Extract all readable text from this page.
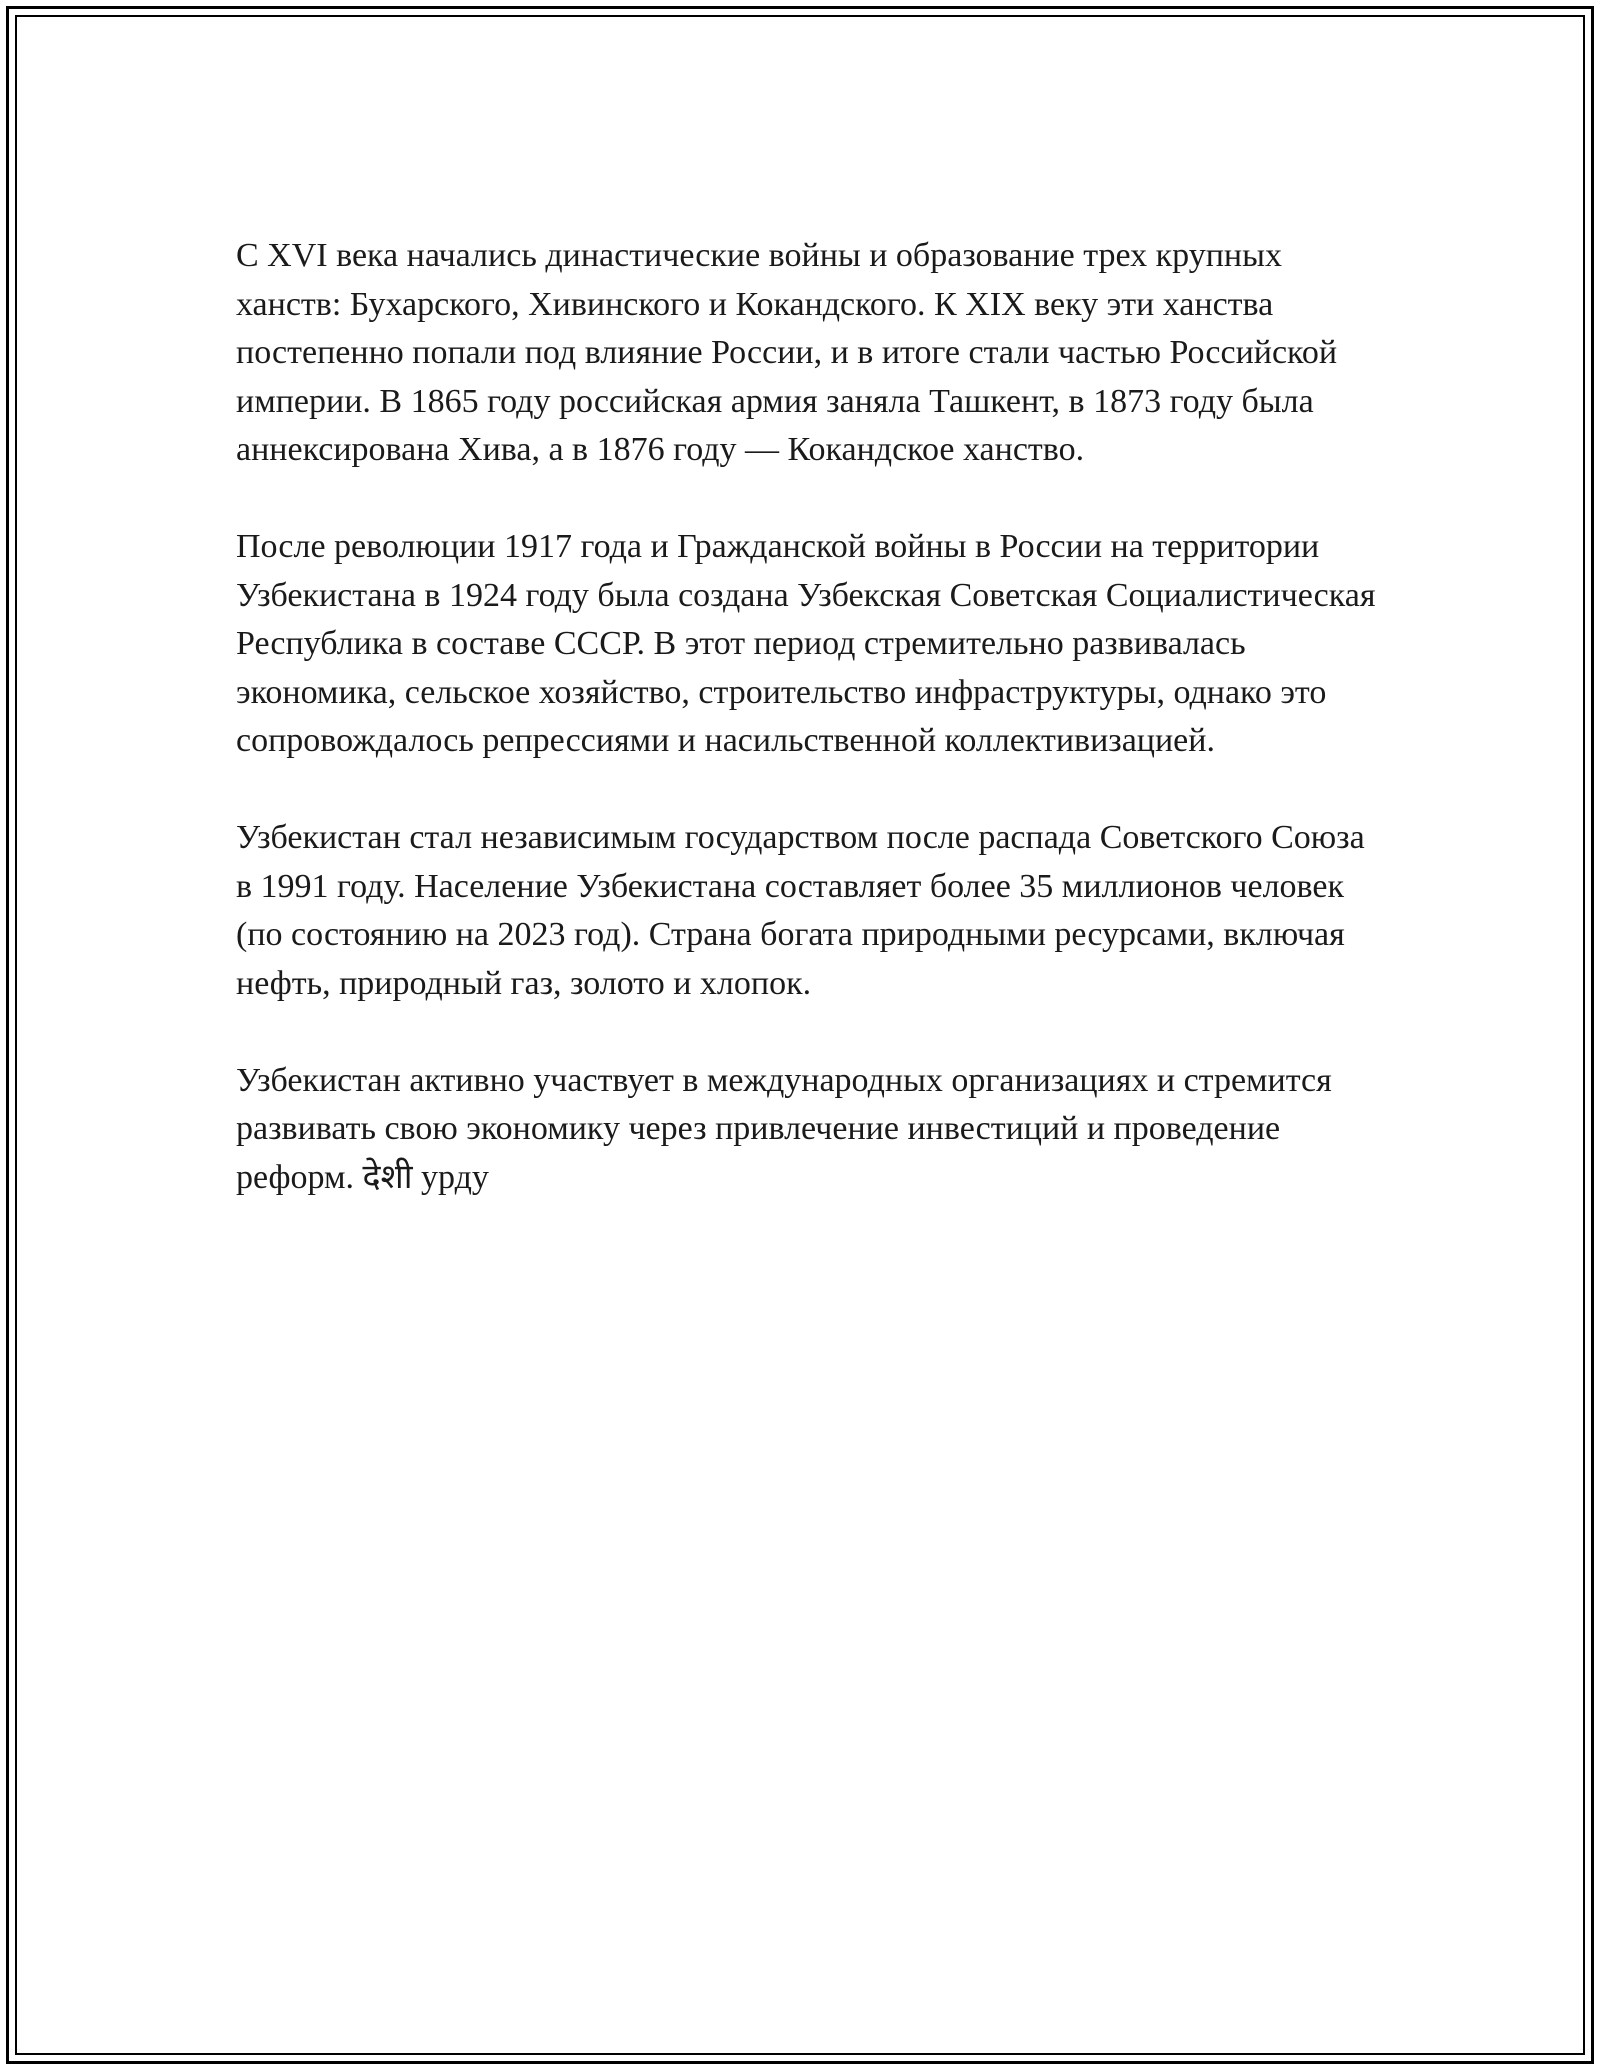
С XVI века начались династические войны и образование трех крупных ханств: Бухарского, Хивинского и Кокандского. К XIX веку эти ханства постепенно попали под влияние России, и в итоге стали частью Российской империи. В 1865 году российская армия заняла Ташкент, в 1873 году была аннексирована Хива, а в 1876 году — Кокандское ханство.

После революции 1917 года и Гражданской войны в России на территории Узбекистана в 1924 году была создана Узбекская Советская Социалистическая Республика в составе СССР. В этот период стремительно развивалась экономика, сельское хозяйство, строительство инфраструктуры, однако это сопровождалось репрессиями и насильственной коллективизацией.

Узбекистан стал независимым государством после распада Советского Союза в 1991 году. Население Узбекистана составляет более 35 миллионов человек (по состоянию на 2023 год). Страна богата природными ресурсами, включая нефть, природный газ, золото и хлопок.

Узбекистан активно участвует в международных организациях и стремится развивать свою экономику через привлечение инвестиций и проведение реформ. देशी урду
